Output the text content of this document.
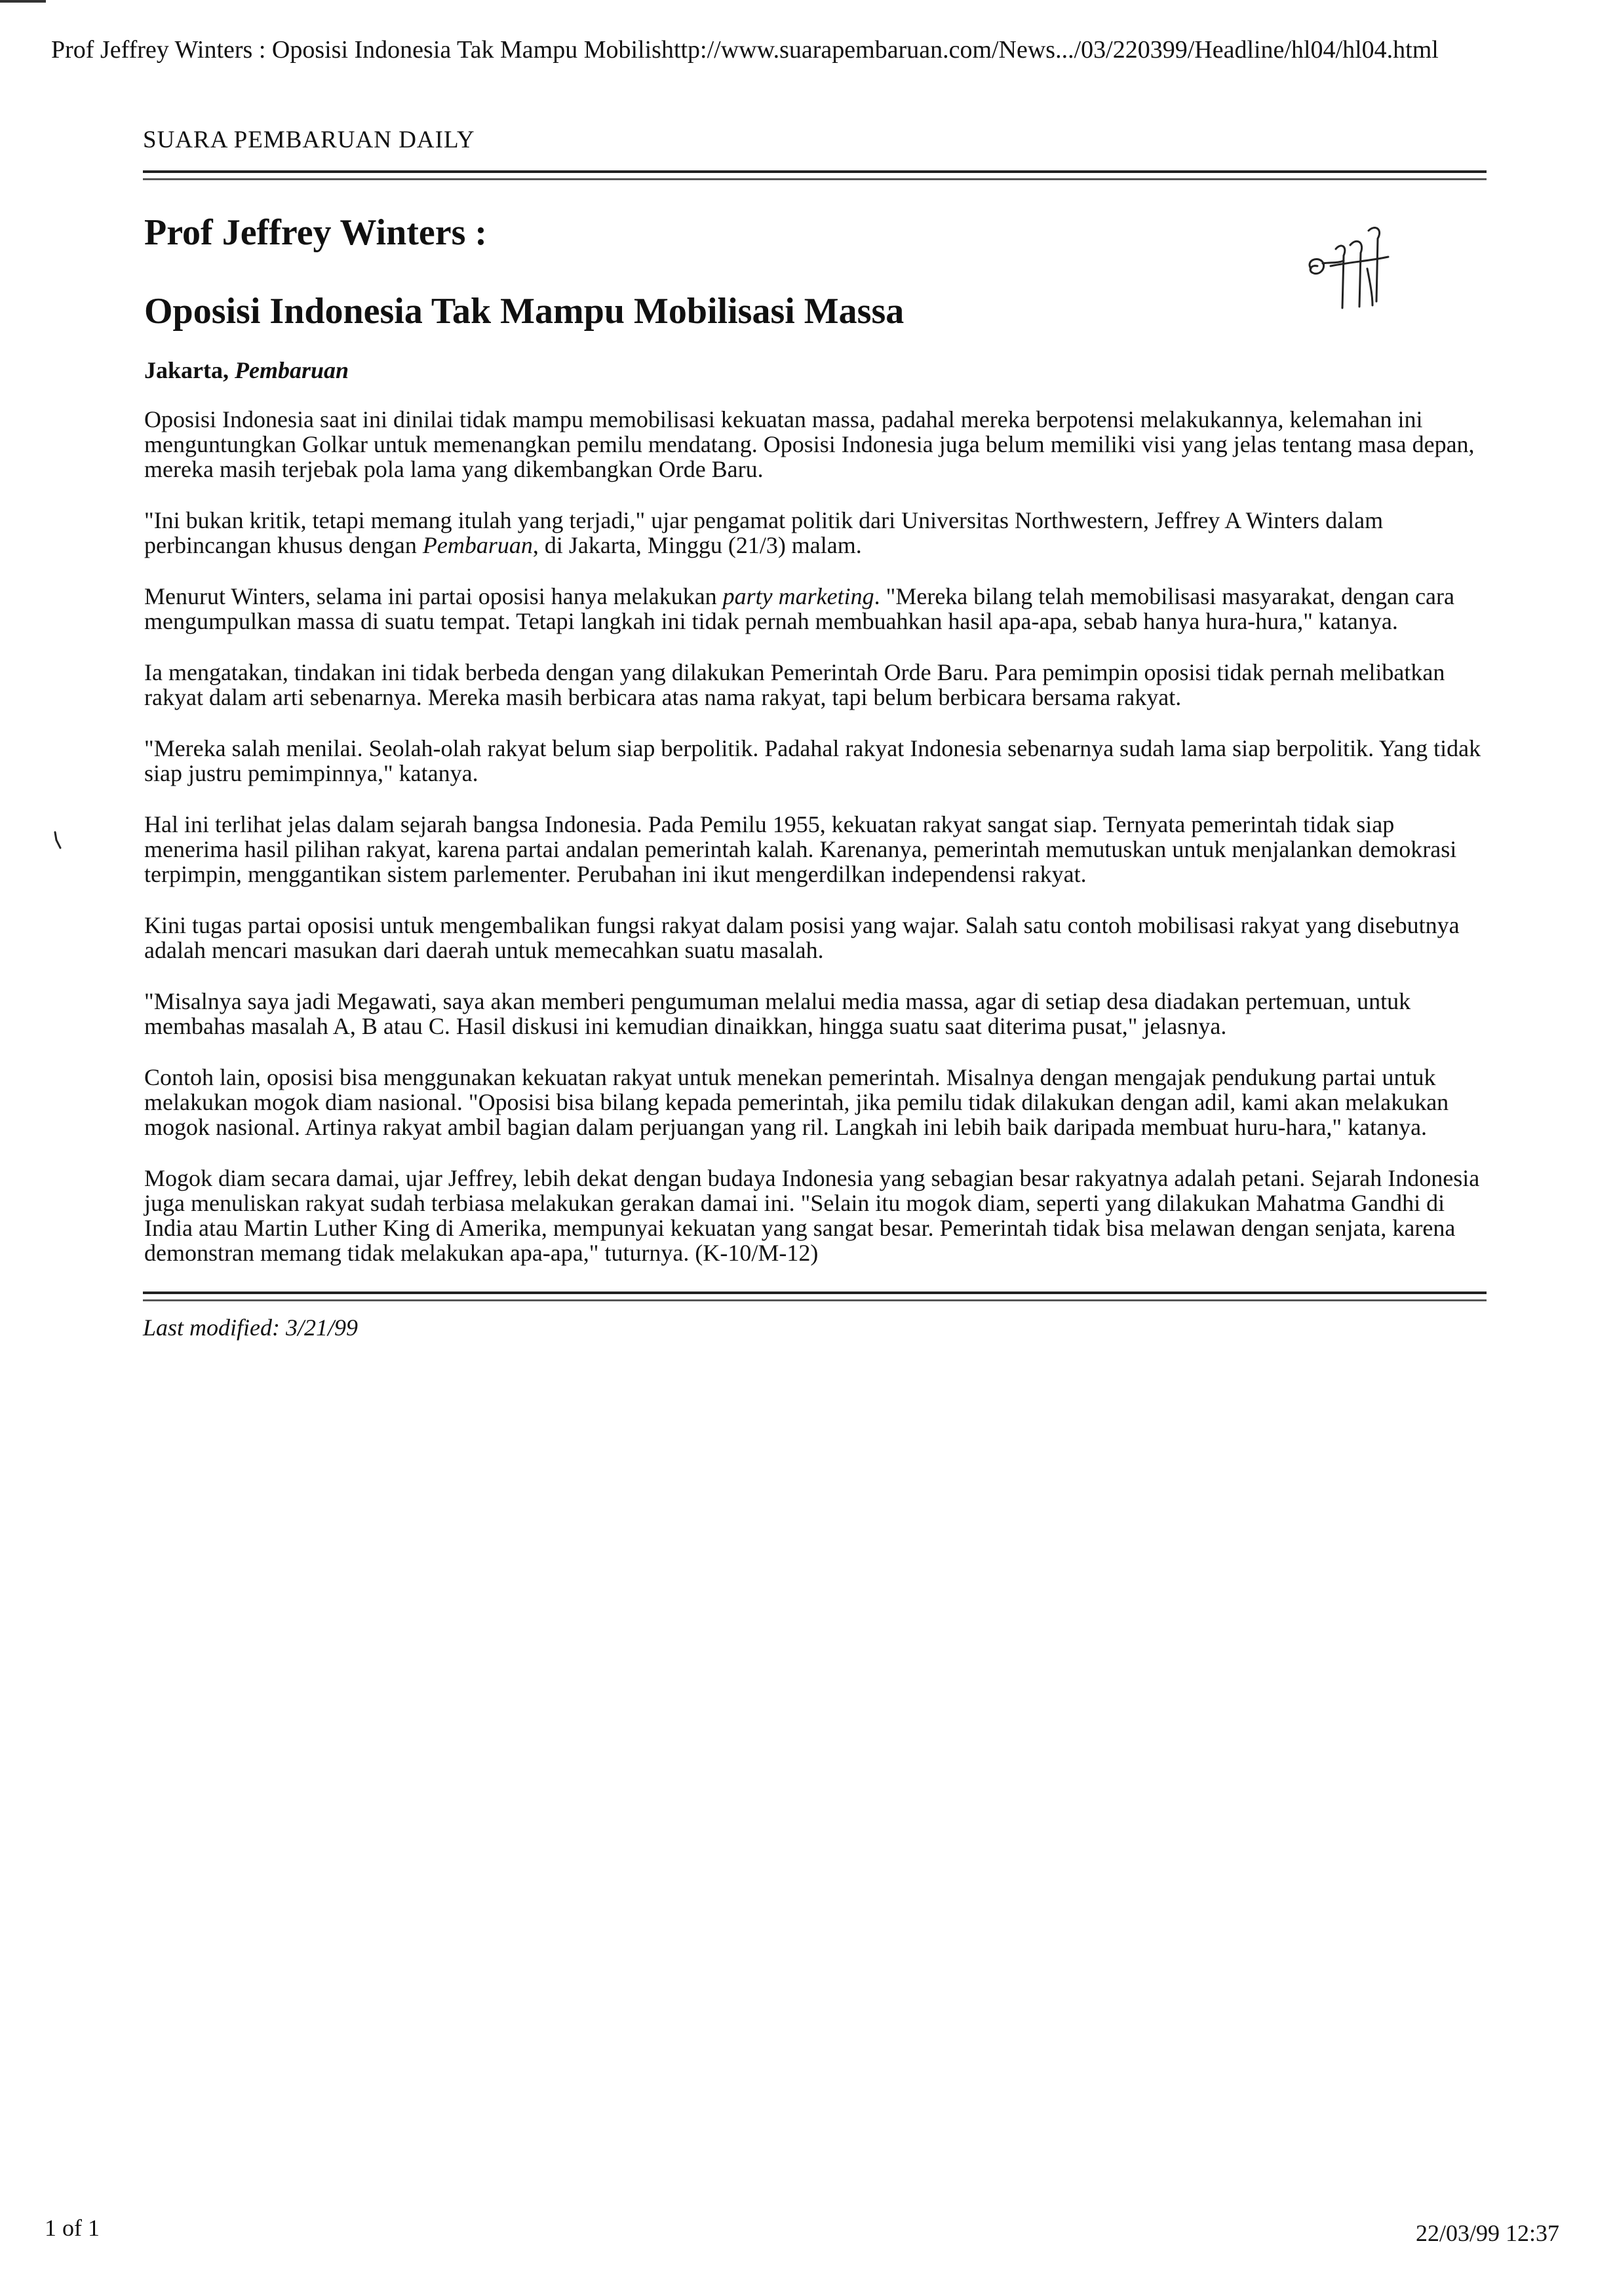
Prof Jeffrey Winters : Oposisi Indonesia Tak Mampu Mobilishttp://www.suarapembaruan.com/News.../03/220399/Headline/hl04/hl04.html
SUARA PEMBARUAN DAILY
Prof Jeffrey Winters :
Oposisi Indonesia Tak Mampu Mobilisasi Massa
Jakarta, Pembaruan

Oposisi Indonesia saat ini dinilai tidak mampu memobilisasi kekuatan massa, padahal mereka berpotensi melakukannya, kelemahan ini menguntungkan Golkar untuk memenangkan pemilu mendatang. Oposisi Indonesia juga belum memiliki visi yang jelas tentang masa depan, mereka masih terjebak pola lama yang dikembangkan Orde Baru.

"Ini bukan kritik, tetapi memang itulah yang terjadi," ujar pengamat politik dari Universitas Northwestern, Jeffrey A Winters dalam perbincangan khusus dengan Pembaruan, di Jakarta, Minggu (21/3) malam.

Menurut Winters, selama ini partai oposisi hanya melakukan party marketing. "Mereka bilang telah memobilisasi masyarakat, dengan cara mengumpulkan massa di suatu tempat. Tetapi langkah ini tidak pernah membuahkan hasil apa-apa, sebab hanya hura-hura," katanya.

Ia mengatakan, tindakan ini tidak berbeda dengan yang dilakukan Pemerintah Orde Baru. Para pemimpin oposisi tidak pernah melibatkan rakyat dalam arti sebenarnya. Mereka masih berbicara atas nama rakyat, tapi belum berbicara bersama rakyat.

"Mereka salah menilai. Seolah-olah rakyat belum siap berpolitik. Padahal rakyat Indonesia sebenarnya sudah lama siap berpolitik. Yang tidak siap justru pemimpinnya," katanya.

Hal ini terlihat jelas dalam sejarah bangsa Indonesia. Pada Pemilu 1955, kekuatan rakyat sangat siap. Ternyata pemerintah tidak siap menerima hasil pilihan rakyat, karena partai andalan pemerintah kalah. Karenanya, pemerintah memutuskan untuk menjalankan demokrasi terpimpin, menggantikan sistem parlementer. Perubahan ini ikut mengerdilkan independensi rakyat.

Kini tugas partai oposisi untuk mengembalikan fungsi rakyat dalam posisi yang wajar. Salah satu contoh mobilisasi rakyat yang disebutnya adalah mencari masukan dari daerah untuk memecahkan suatu masalah.

"Misalnya saya jadi Megawati, saya akan memberi pengumuman melalui media massa, agar di setiap desa diadakan pertemuan, untuk membahas masalah A, B atau C. Hasil diskusi ini kemudian dinaikkan, hingga suatu saat diterima pusat," jelasnya.

Contoh lain, oposisi bisa menggunakan kekuatan rakyat untuk menekan pemerintah. Misalnya dengan mengajak pendukung partai untuk melakukan mogok diam nasional. "Oposisi bisa bilang kepada pemerintah, jika pemilu tidak dilakukan dengan adil, kami akan melakukan mogok nasional. Artinya rakyat ambil bagian dalam perjuangan yang ril. Langkah ini lebih baik daripada membuat huru-hara," katanya.

Mogok diam secara damai, ujar Jeffrey, lebih dekat dengan budaya Indonesia yang sebagian besar rakyatnya adalah petani. Sejarah Indonesia juga menuliskan rakyat sudah terbiasa melakukan gerakan damai ini. "Selain itu mogok diam, seperti yang dilakukan Mahatma Gandhi di India atau Martin Luther King di Amerika, mempunyai kekuatan yang sangat besar. Pemerintah tidak bisa melawan dengan senjata, karena demonstran memang tidak melakukan apa-apa," tuturnya. (K-10/M-12)

Last modified: 3/21/99
1 of 1	22/03/99 12:37
